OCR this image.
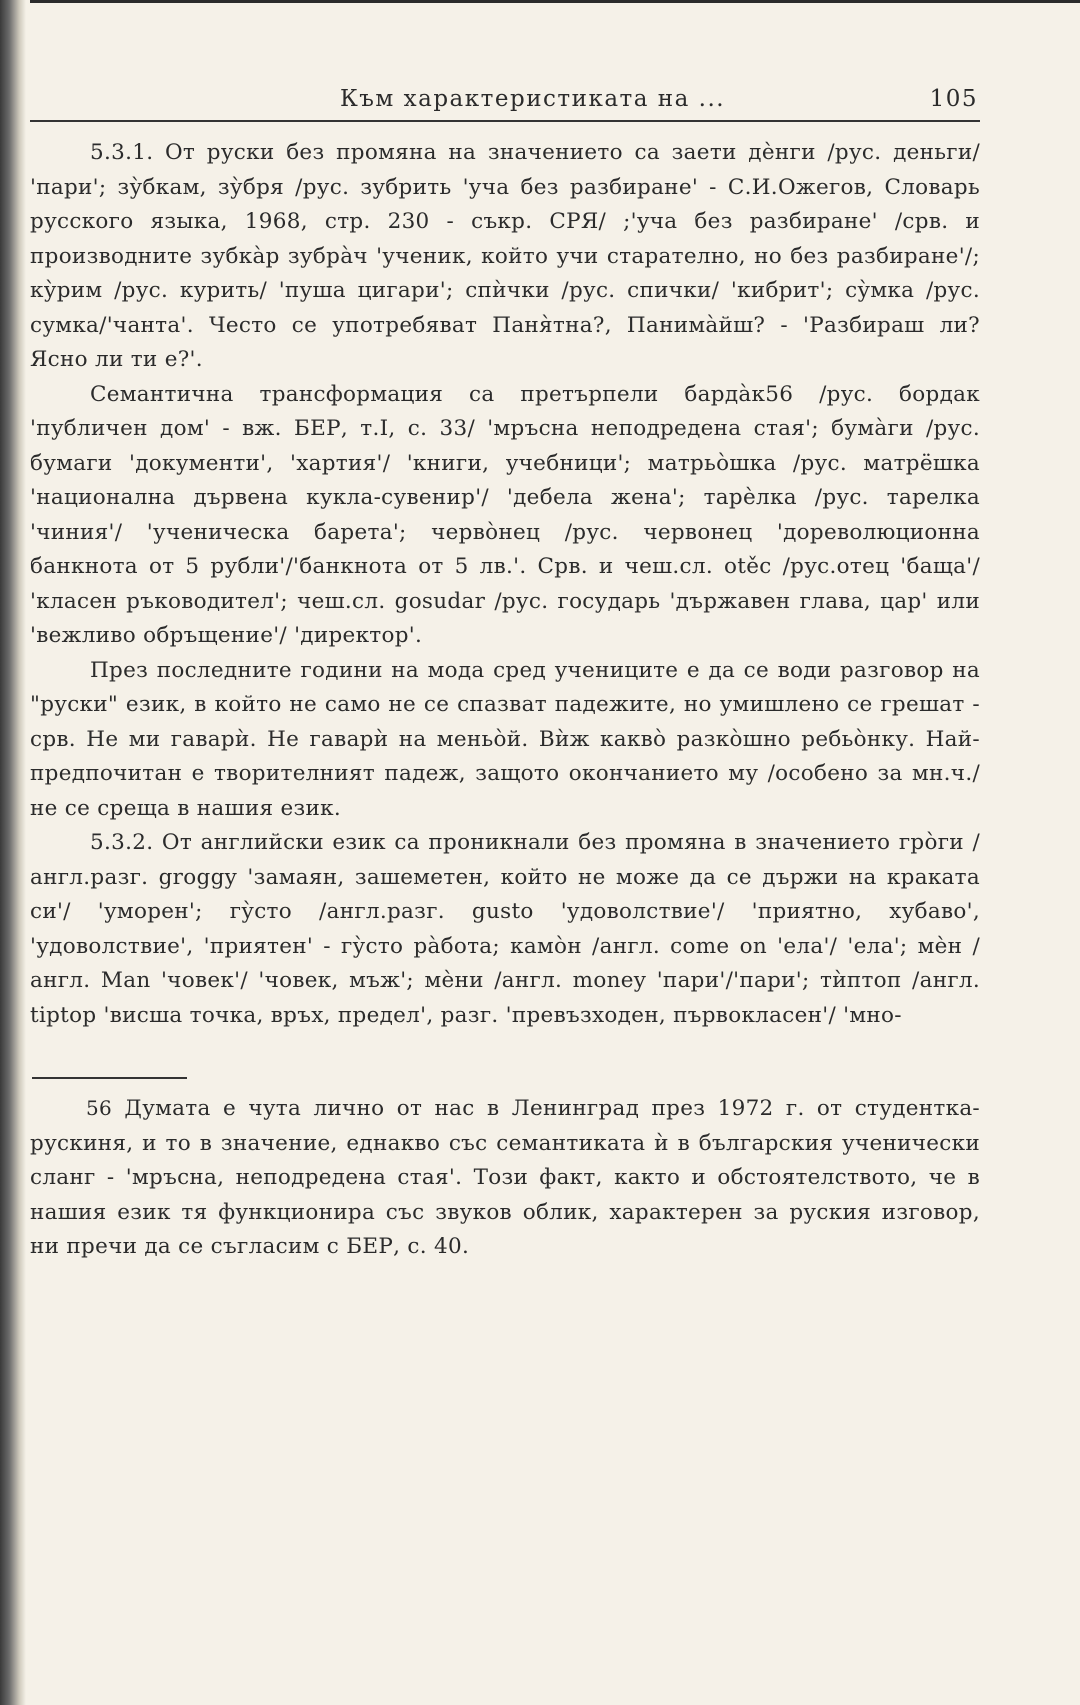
Към характеристиката на ...	105

5.3.1. От руски без промяна на значението са заети дѐнги /рус. деньги/ 'пари'; зу̀бкам, зу̀бря /рус. зубрить 'уча без разбиране' - С.И.Ожегов, Словарь русского языка, 1968, стр. 230 - съкр. СРЯ/ ;'уча без разбиране' /срв. и производните зубка̀р зубра̀ч 'ученик, който учи старателно, но без разбиране'/; ку̀рим /рус. курить/ 'пуша цигари'; спѝчки /рус. спички/ 'кибрит'; су̀мка /рус. сумка/'чанта'. Често се употребяват Паня̀тна?, Панима̀йш? - 'Разбираш ли? Ясно ли ти е?'.

Семантична трансформация са претърпели барда̀к56 /рус. бордак 'публичен дом' - вж. БЕР, т.I, с. 33/ 'мръсна неподредена стая'; бума̀ги /рус. бумаги 'документи', 'хартия'/ 'книги, учебници'; матрьо̀шка /рус. матрёшка 'национална дървена кукла-сувенир'/ 'дебела жена'; тарѐлка /рус. тарелка 'чиния'/ 'ученическа барета'; черво̀нец /рус. червонец 'дореволюционна банкнота от 5 рубли'/'банкнота от 5 лв.'. Срв. и чеш.сл. otěc /рус.отец 'баща'/ 'класен ръководител'; чеш.сл. gosudar /рус. государь 'държавен глава, цар' или 'вежливо обръщение'/ 'директор'.

През последните години на мода сред учениците е да се води разговор на "руски" език, в който не само не се спазват падежите, но умишлено се грешат - срв. Не ми гаварѝ. Не гаварѝ на меньо̀й. Вѝж какво̀ разко̀шно ребьо̀нку. Най-предпочитан е творителният падеж, защото окончанието му /особено за мн.ч./ не се среща в нашия език.

5.3.2. От английски език са проникнали без промяна в значението гро̀ги /англ.разг. groggy 'замаян, зашеметен, който не може да се държи на краката си'/ 'уморен'; гу̀сто /англ.разг. gusto 'удоволствие'/ 'приятно, хубаво', 'удоволствие', 'приятен' - гу̀сто ра̀бота; камо̀н /англ. come on 'ела'/ 'ела'; мѐн /англ. Man 'човек'/ 'човек, мъж'; мѐни /англ. money 'пари'/'пари'; тѝптоп /англ. tiptop 'висша точка, връх, предел', разг. 'превъзходен, първокласен'/ 'мно-

56 Думата е чута лично от нас в Ленинград през 1972 г. от студентка-рускиня, и то в значение, еднакво със семантиката ѝ в българския ученически сланг - 'мръсна, неподредена стая'. Този факт, както и обстоятелството, че в нашия език тя функционира със звуков облик, характерен за руския изговор, ни пречи да се съгласим с БЕР, с. 40.
